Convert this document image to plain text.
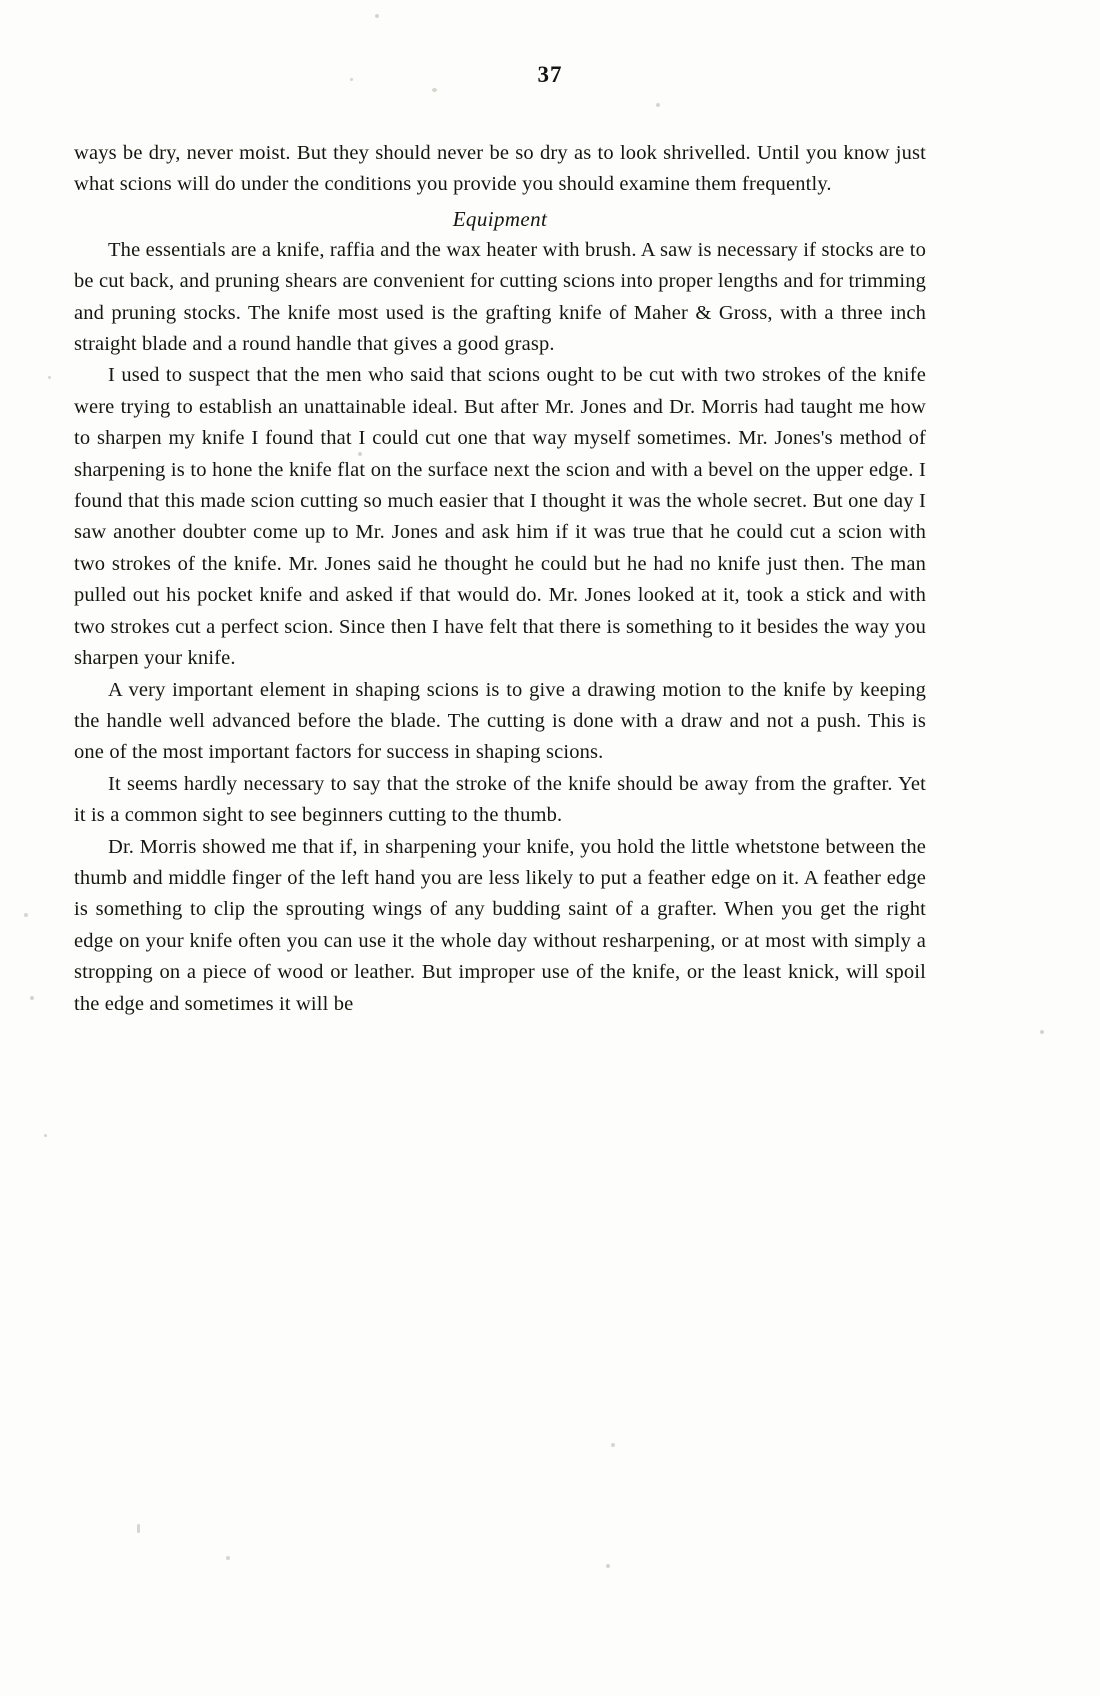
37

ways be dry, never moist. But they should never be so dry as to look shrivelled. Until you know just what scions will do under the conditions you provide you should examine them frequently.

Equipment

The essentials are a knife, raffia and the wax heater with brush. A saw is necessary if stocks are to be cut back, and pruning shears are convenient for cutting scions into proper lengths and for trimming and pruning stocks. The knife most used is the grafting knife of Maher & Gross, with a three inch straight blade and a round handle that gives a good grasp.

I used to suspect that the men who said that scions ought to be cut with two strokes of the knife were trying to establish an unattainable ideal. But after Mr. Jones and Dr. Morris had taught me how to sharpen my knife I found that I could cut one that way myself sometimes. Mr. Jones's method of sharpening is to hone the knife flat on the surface next the scion and with a bevel on the upper edge. I found that this made scion cutting so much easier that I thought it was the whole secret. But one day I saw another doubter come up to Mr. Jones and ask him if it was true that he could cut a scion with two strokes of the knife. Mr. Jones said he thought he could but he had no knife just then. The man pulled out his pocket knife and asked if that would do. Mr. Jones looked at it, took a stick and with two strokes cut a perfect scion. Since then I have felt that there is something to it besides the way you sharpen your knife.

A very important element in shaping scions is to give a drawing motion to the knife by keeping the handle well advanced before the blade. The cutting is done with a draw and not a push. This is one of the most important factors for success in shaping scions.

It seems hardly necessary to say that the stroke of the knife should be away from the grafter. Yet it is a common sight to see beginners cutting to the thumb.

Dr. Morris showed me that if, in sharpening your knife, you hold the little whetstone between the thumb and middle finger of the left hand you are less likely to put a feather edge on it. A feather edge is something to clip the sprouting wings of any budding saint of a grafter. When you get the right edge on your knife often you can use it the whole day without resharpening, or at most with simply a stropping on a piece of wood or leather. But improper use of the knife, or the least knick, will spoil the edge and sometimes it will be
